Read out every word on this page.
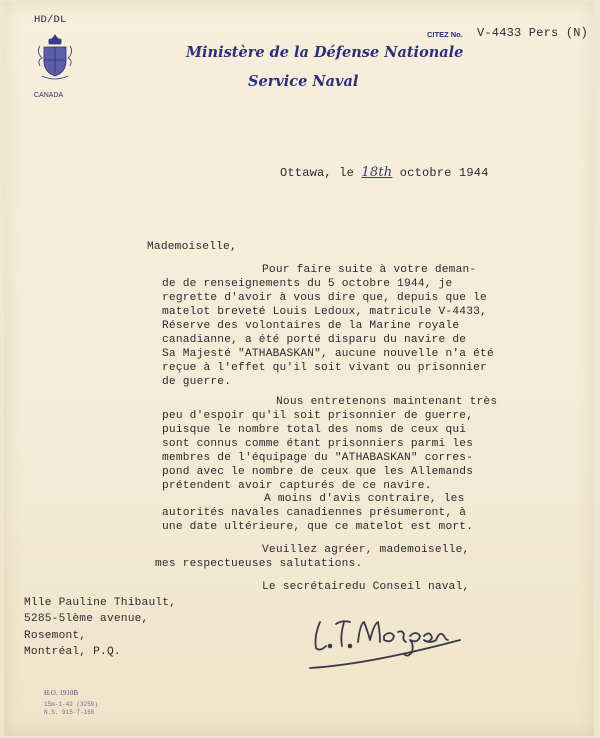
HD/DL
CANADA
Ministère de la Défense Nationale
Service Naval
CITEZ No. V-4433 Pers (N)
Ottawa, le 18th octobre 1944
Mademoiselle,
Pour faire suite à votre deman-
de de renseignements du 5 octobre 1944, je
regrette d'avoir à vous dire que, depuis que le
matelot breveté Louis Ledoux, matricule V-4433,
Réserve des volontaires de la Marine royale
canadianne, a été porté disparu du navire de
Sa Majesté "ATHABASKAN", aucune nouvelle n'a été
reçue à l'effet qu'il soit vivant ou prisonnier
de guerre.
Nous entretenons maintenant très
peu d'espoir qu'il soit prisonnier de guerre,
puisque le nombre total des noms de ceux qui
sont connus comme étant prisonniers parmi les
membres de l'équipage du "ATHABASKAN" corres-
pond avec le nombre de ceux que les Allemands
prétendent avoir capturés de ce navire.
A moins d'avis contraire, les
autorités navales canadiennes présumeront, à
une date ultérieure, que ce matelot est mort.
Veuillez agréer, mademoiselle,
mes respectueuses salutations.
Le secrétairedu Conseil naval,
Mlle Pauline Thibault,
5285-5lème avenue,
Rosemont,
Montréal, P.Q.
H.O. 1910B
15m-1-42 (3259)
N.S. 915-7-166
